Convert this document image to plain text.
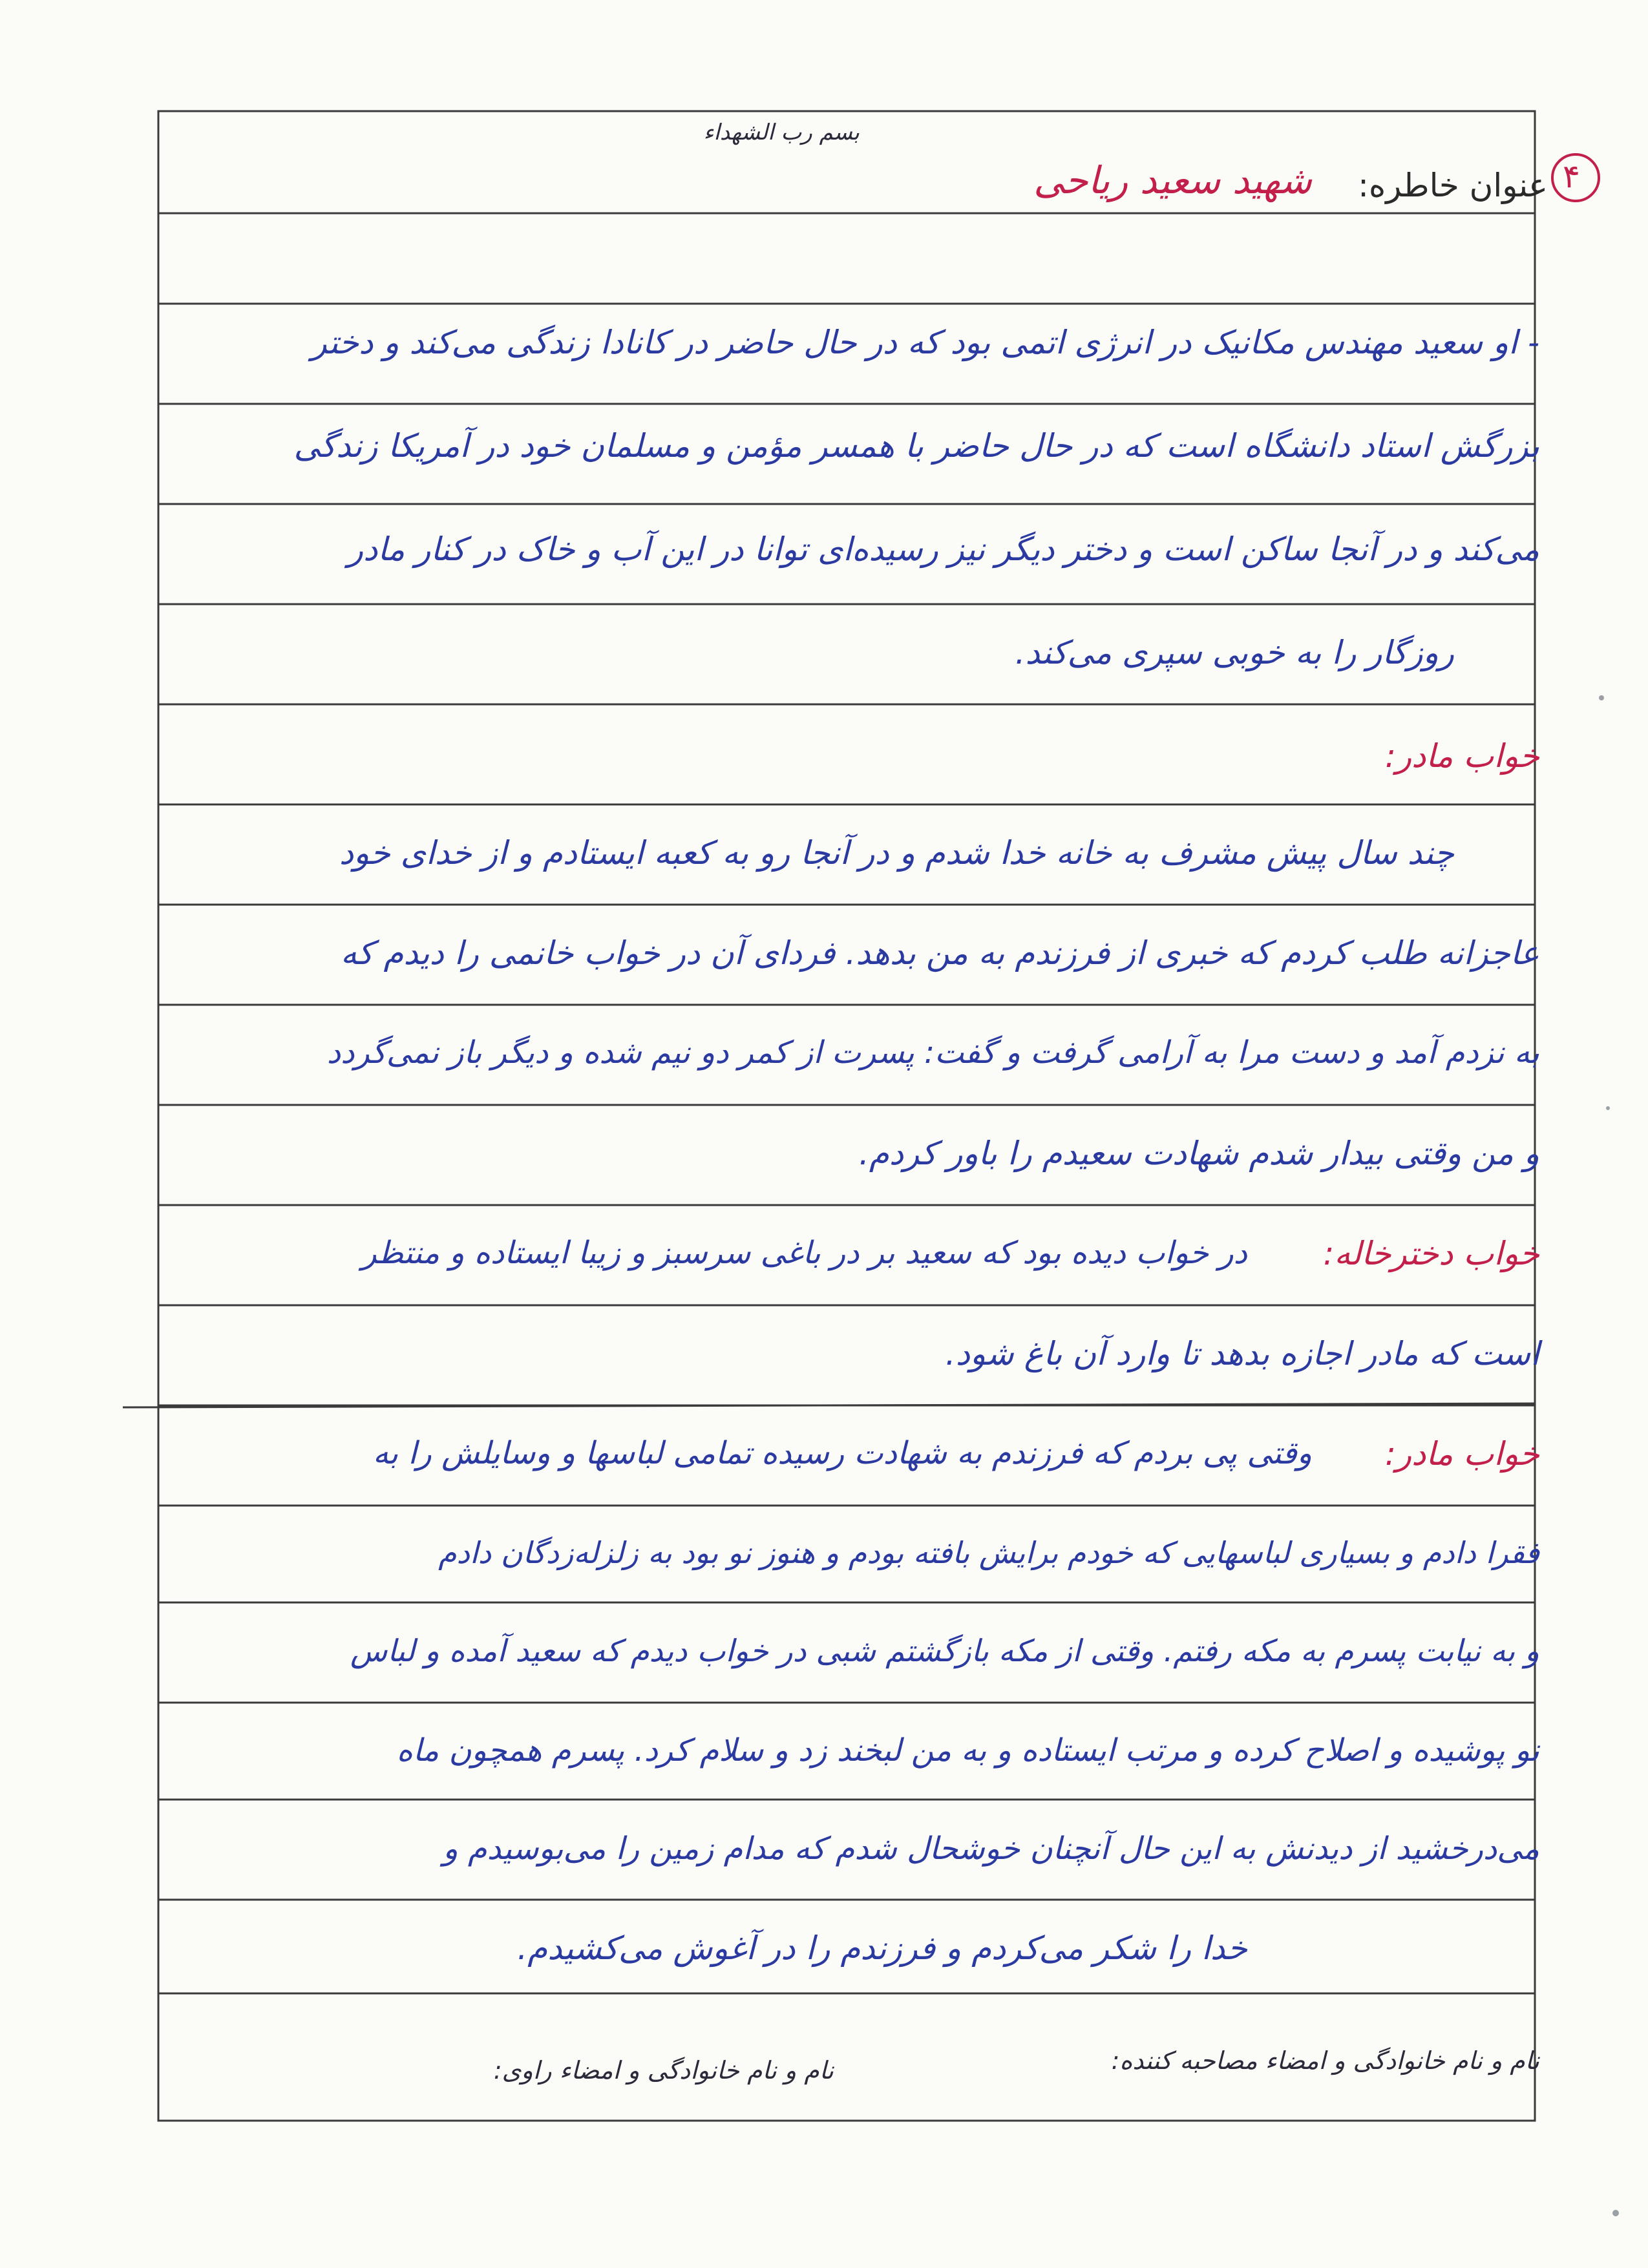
۴
بسم رب الشهداء
عنوان خاطره:
شهید سعید ریاحی
- او سعید مهندس مکانیک در انرژی اتمی بود که در حال حاضر در کانادا زندگی می‌کند و دختر
بزرگش استاد دانشگاه است که در حال حاضر با همسر مؤمن و مسلمان خود در آمریکا زندگی
می‌کند و در آنجا ساکن است و دختر دیگر نیز رسیده‌ای توانا در این آب و خاک در کنار مادر
روزگار را به خوبی سپری می‌کند.
خواب مادر:
چند سال پیش مشرف به خانه خدا شدم و در آنجا رو به کعبه ایستادم و از خدای خود
عاجزانه طلب کردم که خبری از فرزندم به من بدهد. فردای آن در خواب خانمی را دیدم که
به نزدم آمد و دست مرا به آرامی گرفت و گفت: پسرت از کمر دو نیم شده و دیگر باز نمی‌گردد
و من وقتی بیدار شدم شهادت سعیدم را باور کردم.
خواب دخترخاله:
در خواب دیده بود که سعید بر در باغی سرسبز و زیبا ایستاده و منتظر
است که مادر اجازه بدهد تا وارد آن باغ شود.
خواب مادر:
وقتی پی بردم که فرزندم به شهادت رسیده تمامی لباسها و وسایلش را به
فقرا دادم و بسیاری لباسهایی که خودم برایش بافته بودم و هنوز نو بود به زلزله‌زدگان دادم
و به نیابت پسرم به مکه رفتم. وقتی از مکه بازگشتم شبی در خواب دیدم که سعید آمده و لباس
نو پوشیده و اصلاح کرده و مرتب ایستاده و به من لبخند زد و سلام کرد. پسرم همچون ماه
می‌درخشید از دیدنش به این حال آنچنان خوشحال شدم که مدام زمین را می‌بوسیدم و
خدا را شکر می‌کردم و فرزندم را در آغوش می‌کشیدم.
نام و نام خانوادگی و امضاء مصاحبه کننده:
نام و نام خانوادگی و امضاء راوی:
